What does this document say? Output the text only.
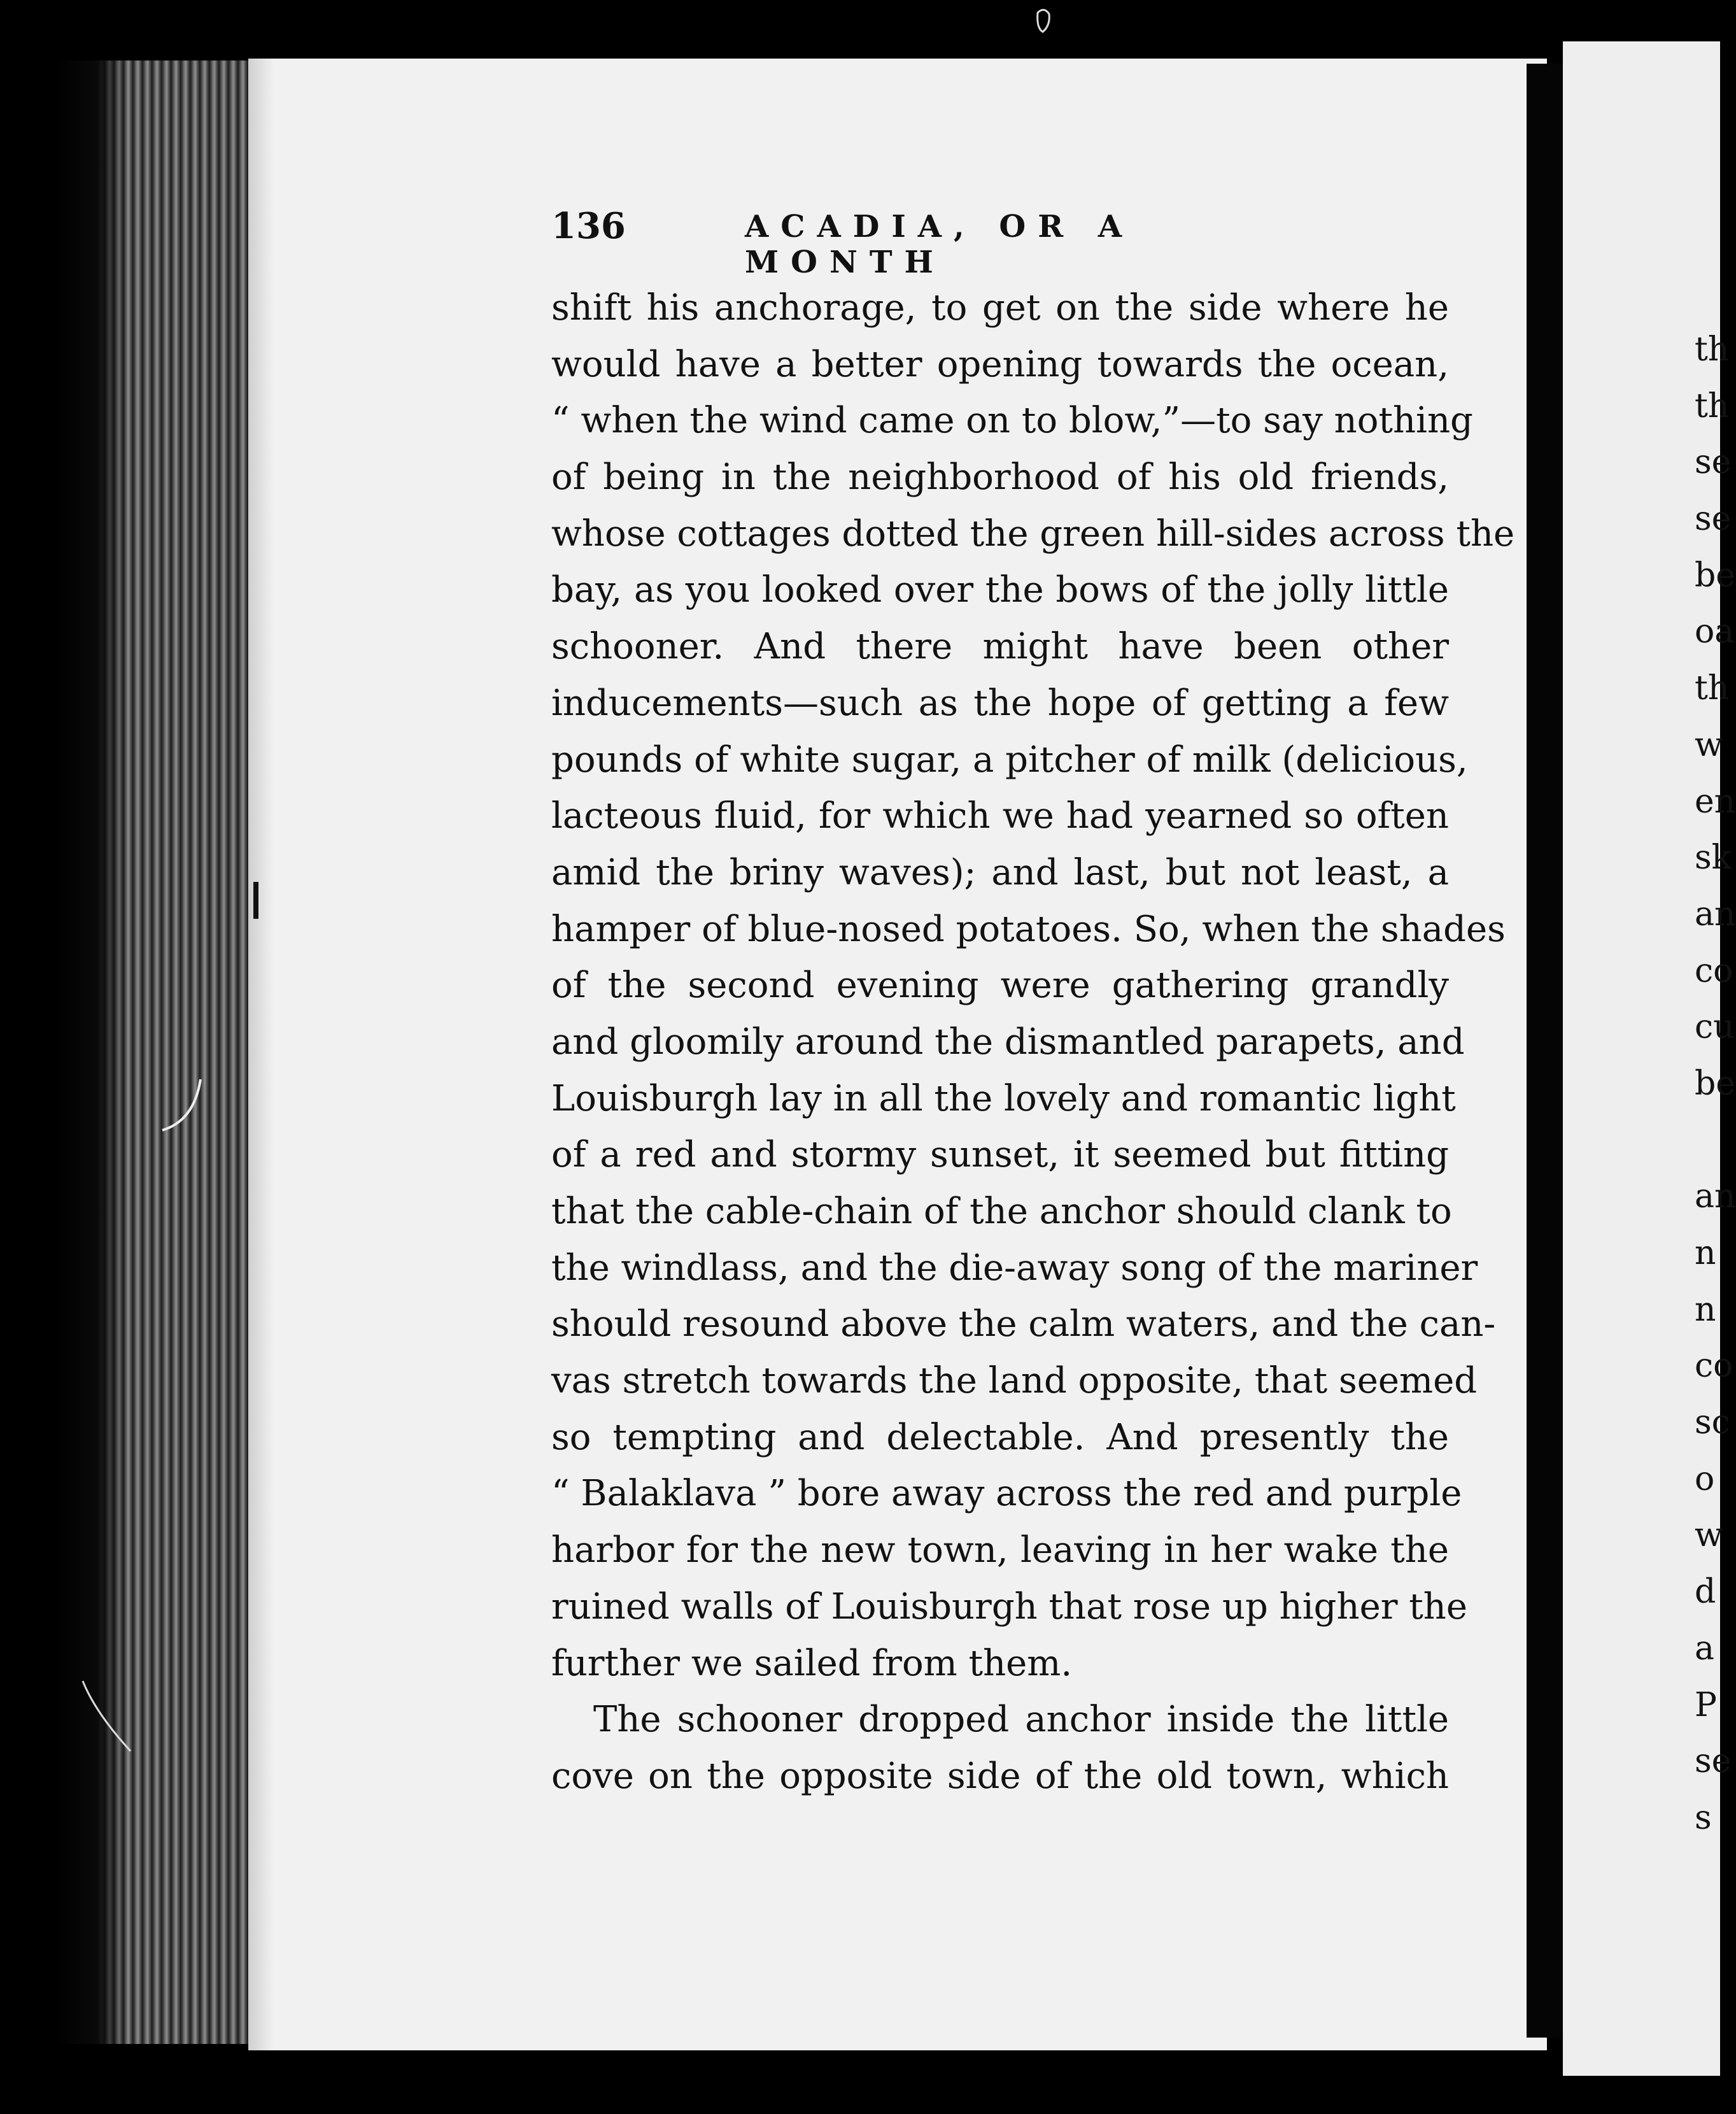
136	ACADIA, OR A MONTH
shift his anchorage, to get on the side where he
would have a better opening towards the ocean,
“ when the wind came on to blow,”—to say nothing
of being in the neighborhood of his old friends,
whose cottages dotted the green hill-sides across the
bay, as you looked over the bows of the jolly little
schooner. And there might have been other
inducements—such as the hope of getting a few
pounds of white sugar, a pitcher of milk (delicious,
lacteous fluid, for which we had yearned so often
amid the briny waves); and last, but not least, a
hamper of blue-nosed potatoes. So, when the shades
of the second evening were gathering grandly
and gloomily around the dismantled parapets, and
Louisburgh lay in all the lovely and romantic light
of a red and stormy sunset, it seemed but fitting
that the cable-chain of the anchor should clank to
the windlass, and the die-away song of the mariner
should resound above the calm waters, and the can-
vas stretch towards the land opposite, that seemed
so tempting and delectable. And presently the
“ Balaklava ” bore away across the red and purple
harbor for the new town, leaving in her wake the
ruined walls of Louisburgh that rose up higher the
further we sailed from them.
The schooner dropped anchor inside the little
cove on the opposite side of the old town, which
th
th
se
se
be
oa
th
w
en
sk
an
co
cu
be
an
n
n
co
sc
o
w
d
a
P
se
s
